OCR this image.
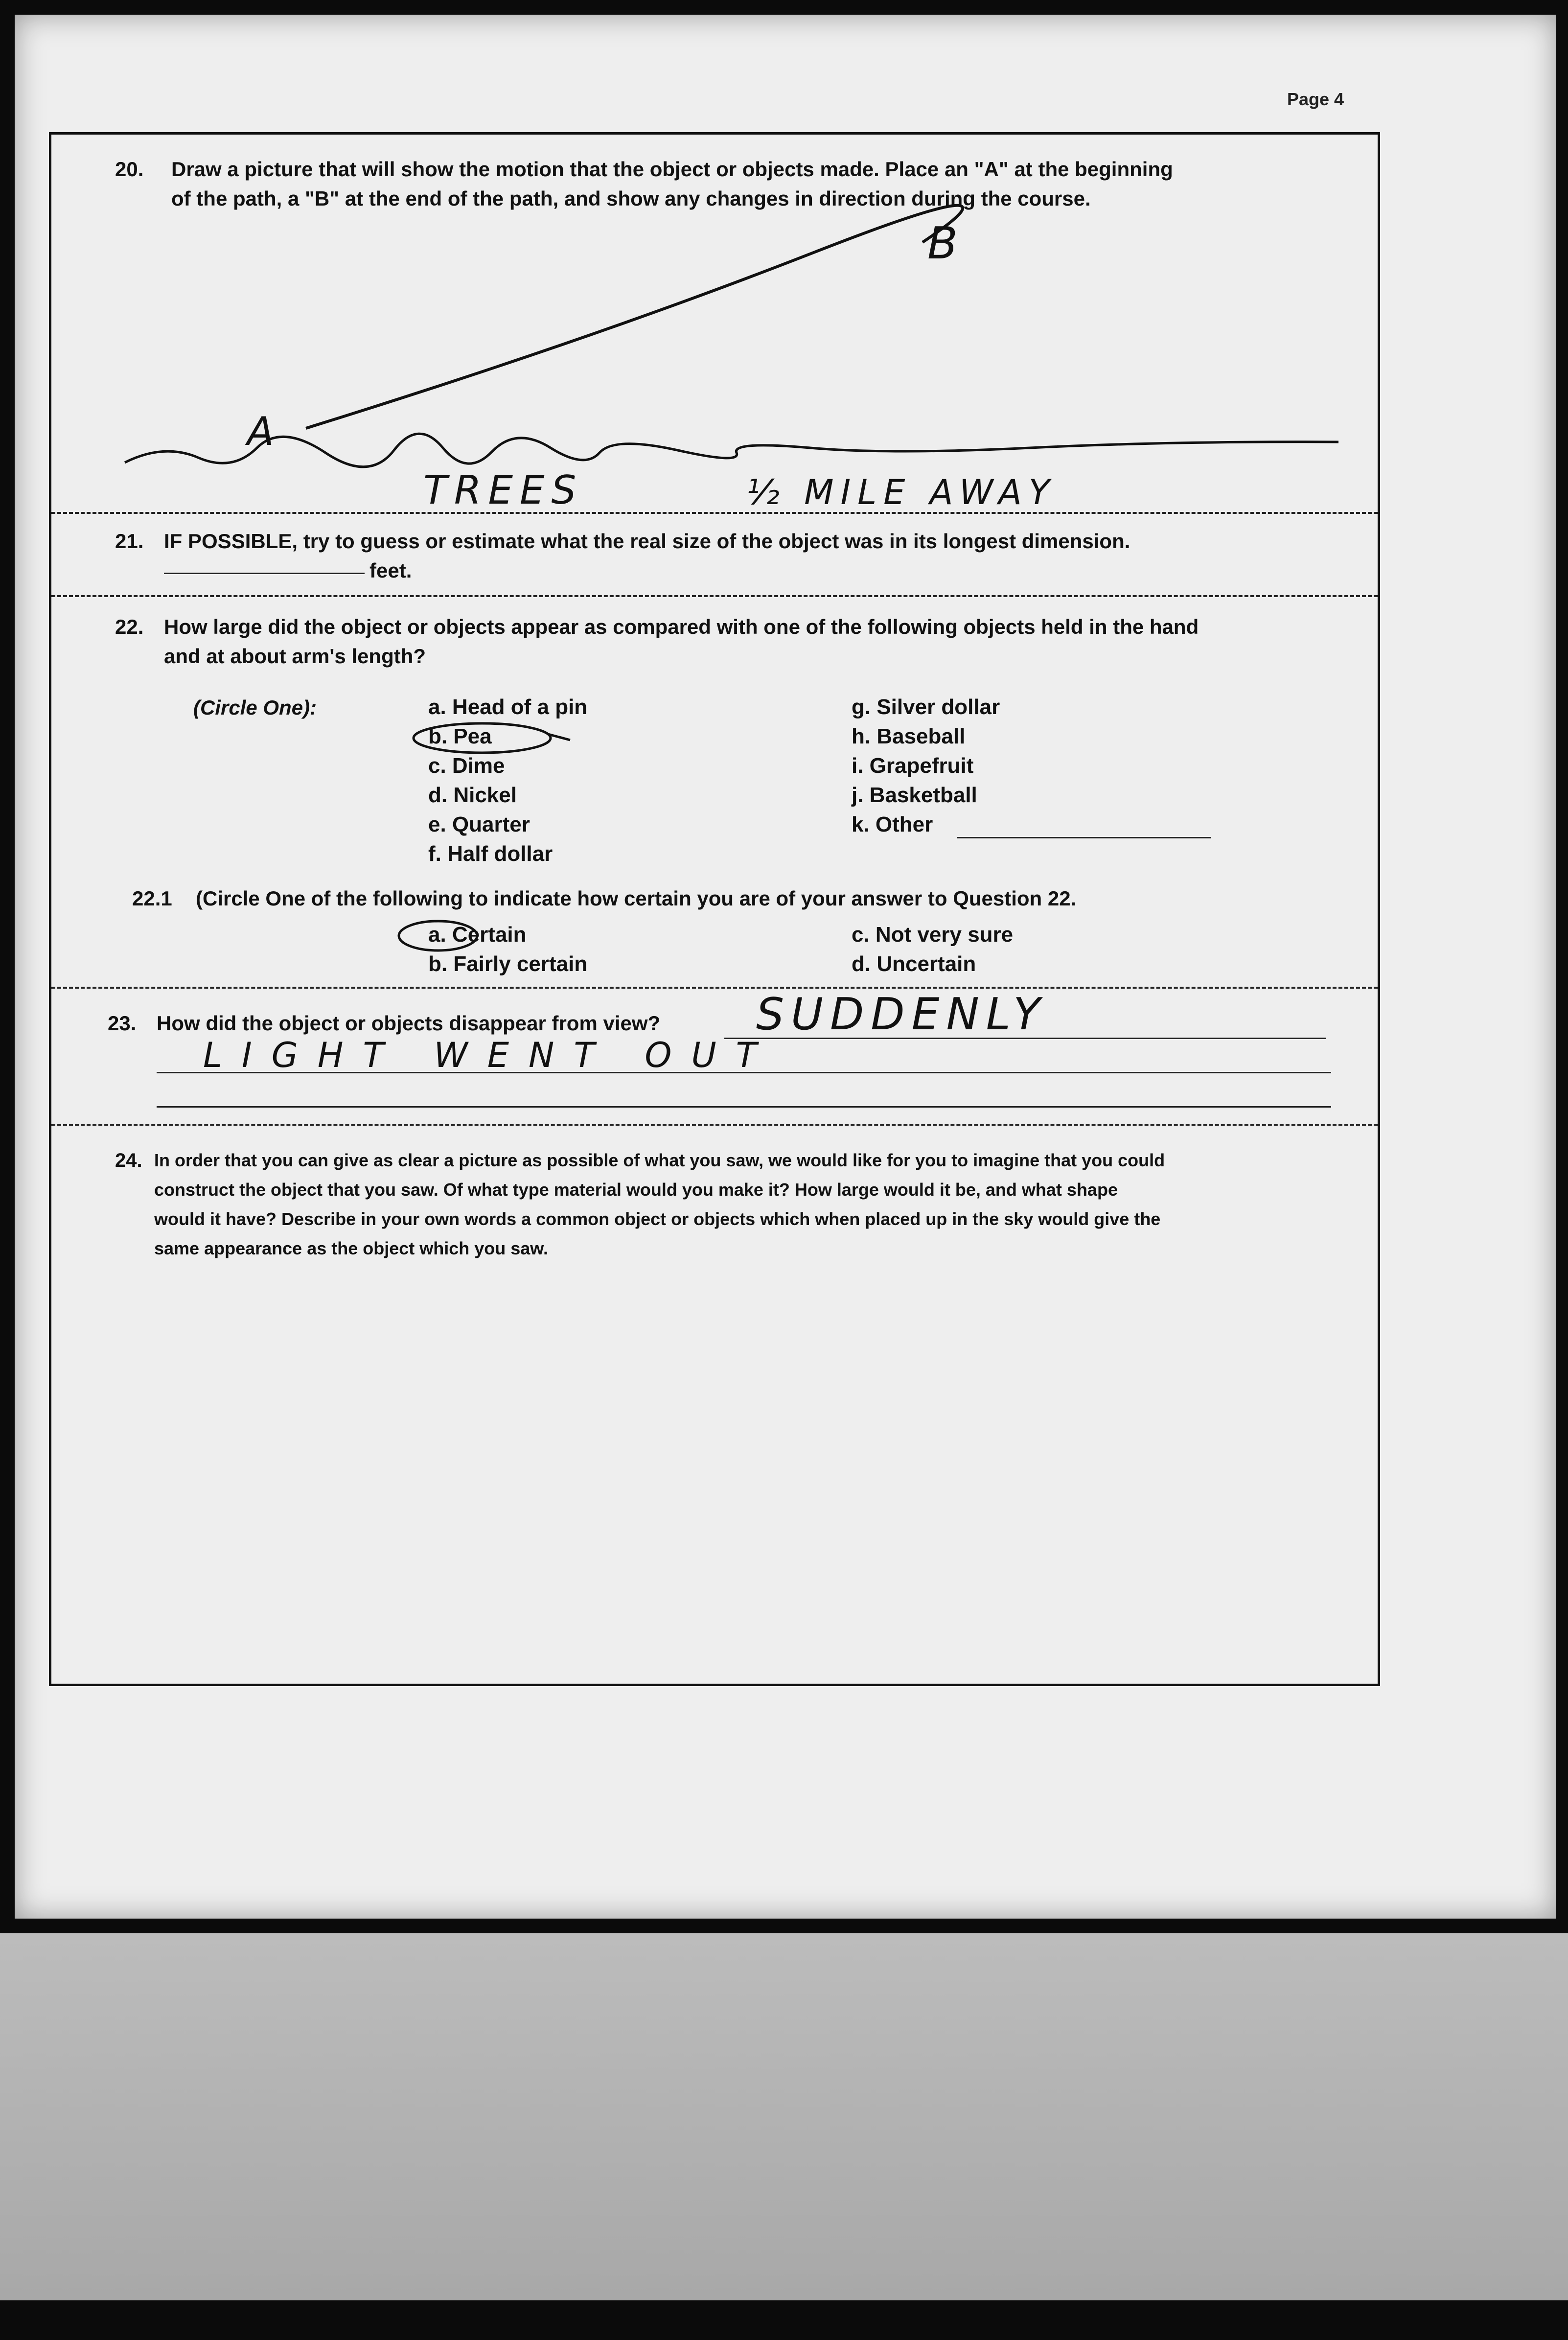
Page 4
20. Draw a picture that will show the motion that the object or objects made. Place an "A" at the beginning
of the path, a "B" at the end of the path, and show any changes in direction during the course.
A
B
TREES	½ MILE AWAY
21. IF POSSIBLE, try to guess or estimate what the real size of the object was in its longest dimension.
feet.
22. How large did the object or objects appear as compared with one of the following objects held in the hand
and at about arm's length?
(Circle One):	a. Head of a pin
b. Pea
c. Dime
d. Nickel
e. Quarter
f. Half dollar
g. Silver dollar
h. Baseball
i. Grapefruit
j. Basketball
k. Other
22.1 (Circle One of the following to indicate how certain you are of your answer to Question 22.
a. Certain
b. Fairly certain
c. Not very sure
d. Uncertain
23. How did the object or objects disappear from view? SUDDENLY
LIGHT WENT OUT
24. In order that you can give as clear a picture as possible of what you saw, we would like for you to imagine that you could
construct the object that you saw. Of what type material would you make it? How large would it be, and what shape
would it have? Describe in your own words a common object or objects which when placed up in the sky would give the
same appearance as the object which you saw.
